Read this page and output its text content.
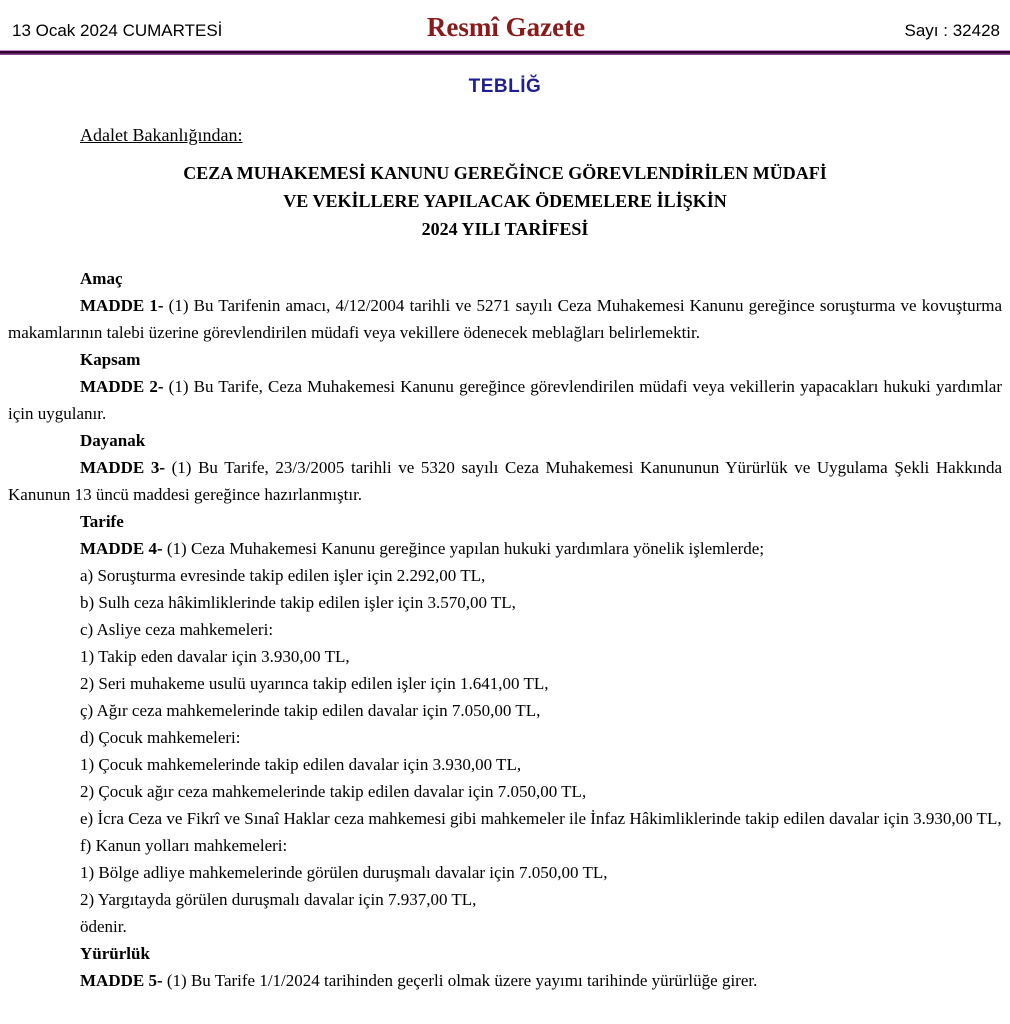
13 Ocak 2024 CUMARTESİ	Resmî Gazete	Sayı : 32428
TEBLİĞ

Adalet Bakanlığından:

CEZA MUHAKEMESİ KANUNU GEREĞİNCE GÖREVLENDİRİLEN MÜDAFİ
VE VEKİLLERE YAPILACAK ÖDEMELERE İLİŞKİN
2024 YILI TARİFESİ

Amaç

MADDE 1- (1) Bu Tarifenin amacı, 4/12/2004 tarihli ve 5271 sayılı Ceza Muhakemesi Kanunu gereğince soruşturma ve kovuşturma makamlarının talebi üzerine görevlendirilen müdafi veya vekillere ödenecek meblağları belirlemektir.

Kapsam

MADDE 2- (1) Bu Tarife, Ceza Muhakemesi Kanunu gereğince görevlendirilen müdafi veya vekillerin yapacakları hukuki yardımlar için uygulanır.

Dayanak

MADDE 3- (1) Bu Tarife, 23/3/2005 tarihli ve 5320 sayılı Ceza Muhakemesi Kanununun Yürürlük ve Uygulama Şekli Hakkında Kanunun 13 üncü maddesi gereğince hazırlanmıştır.

Tarife

MADDE 4- (1) Ceza Muhakemesi Kanunu gereğince yapılan hukuki yardımlara yönelik işlemlerde;

a) Soruşturma evresinde takip edilen işler için 2.292,00 TL,

b) Sulh ceza hâkimliklerinde takip edilen işler için 3.570,00 TL,

c) Asliye ceza mahkemeleri:

1) Takip eden davalar için 3.930,00 TL,

2) Seri muhakeme usulü uyarınca takip edilen işler için 1.641,00 TL,

ç) Ağır ceza mahkemelerinde takip edilen davalar için 7.050,00 TL,

d) Çocuk mahkemeleri:

1) Çocuk mahkemelerinde takip edilen davalar için 3.930,00 TL,

2) Çocuk ağır ceza mahkemelerinde takip edilen davalar için 7.050,00 TL,

e) İcra Ceza ve Fikrî ve Sınaî Haklar ceza mahkemesi gibi mahkemeler ile İnfaz Hâkimliklerinde takip edilen davalar için 3.930,00 TL,

f) Kanun yolları mahkemeleri:

1) Bölge adliye mahkemelerinde görülen duruşmalı davalar için 7.050,00 TL,

2) Yargıtayda görülen duruşmalı davalar için 7.937,00 TL,

ödenir.

Yürürlük

MADDE 5- (1) Bu Tarife 1/1/2024 tarihinden geçerli olmak üzere yayımı tarihinde yürürlüğe girer.
